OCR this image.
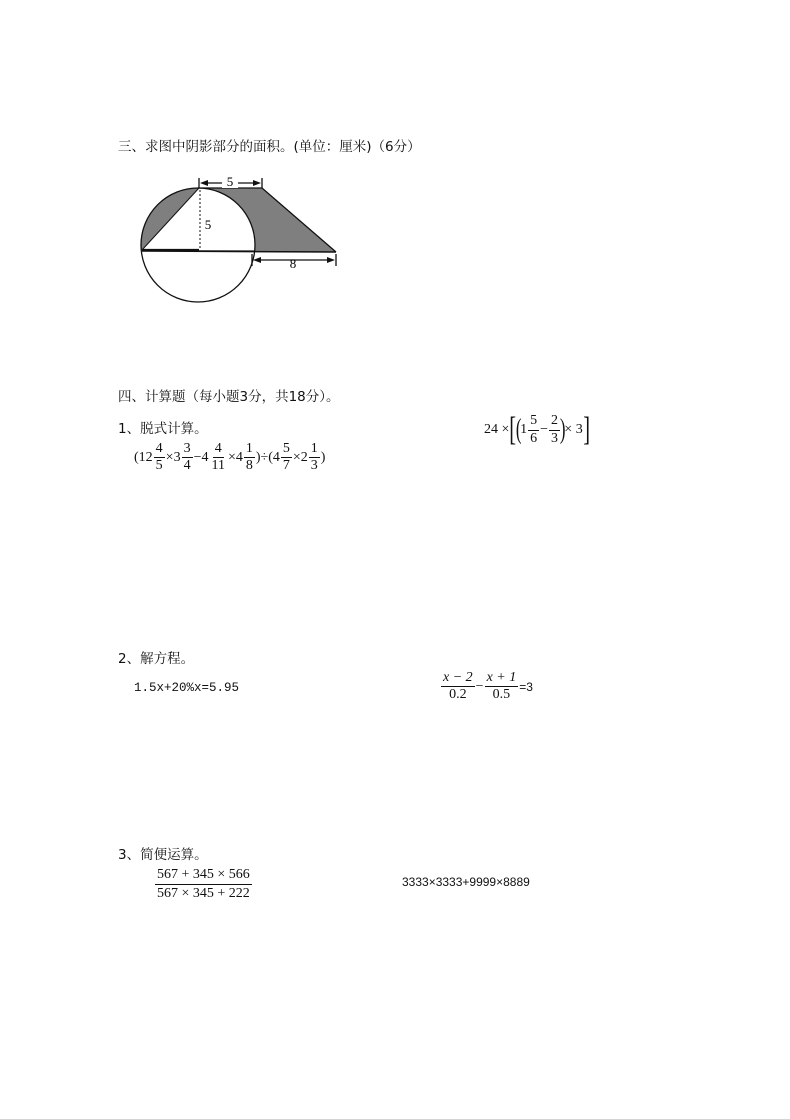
三、求图中阴影部分的面积。(单位：厘米)（6分）
5
5
8
四、计算题（每小题3分，共18分）。
1、脱式计算。
$(12 \frac{4}{5} \times 3 \frac{3}{4} -4 \frac{4}{11} \times 4 \frac{1}{8} )\div(4 \frac{5}{7} \times 2 \frac{1}{3}$ )
24 × [ (
$1 \frac{5}{6} - \frac{2}{3}$ )
× 3 ]
2、解方程。
1.5x+20%x=5.95	$\frac{x - 2}{0.2} - \frac{x + 1}{0.5} =3$
3、简便运算。
$\frac{567 + 345 \times 566}{567 \times 345 + 222}$	3333×3333+9999×8889
